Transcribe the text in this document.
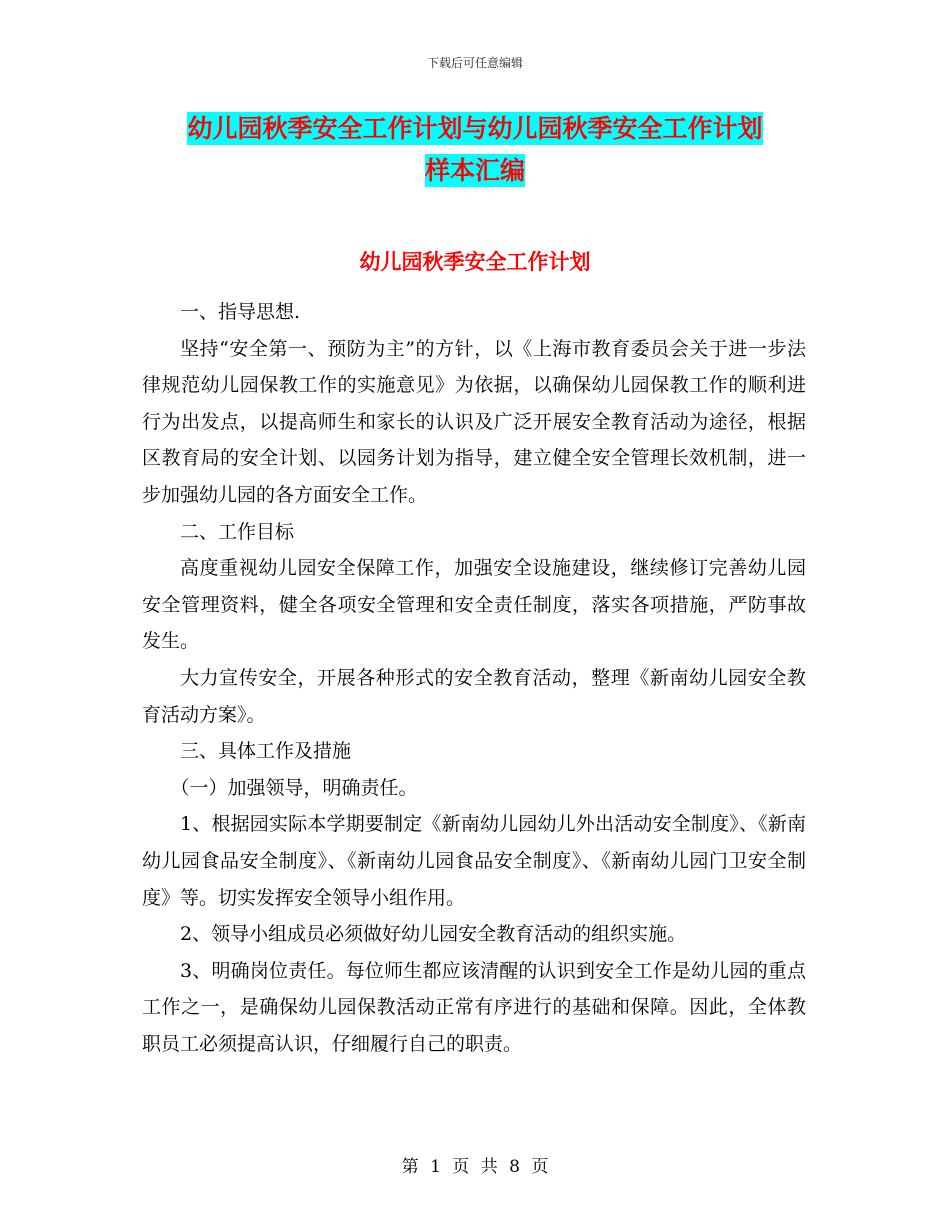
下载后可任意编辑
幼儿园秋季安全工作计划与幼儿园秋季安全工作计划
样本汇编
幼儿园秋季安全工作计划

一、指导思想.

坚持“安全第一、预防为主”的方针，以《上海市教育委员会关于进一步法律规范幼儿园保教工作的实施意见》为依据，以确保幼儿园保教工作的顺利进行为出发点，以提高师生和家长的认识及广泛开展安全教育活动为途径，根据区教育局的安全计划、以园务计划为指导，建立健全安全管理长效机制，进一步加强幼儿园的各方面安全工作。

二、工作目标

高度重视幼儿园安全保障工作，加强安全设施建设，继续修订完善幼儿园安全管理资料，健全各项安全管理和安全责任制度，落实各项措施，严防事故发生。

大力宣传安全，开展各种形式的安全教育活动，整理《新南幼儿园安全教育活动方案》。

三、具体工作及措施

（一）加强领导，明确责任。

1、根据园实际本学期要制定《新南幼儿园幼儿外出活动安全制度》、《新南幼儿园食品安全制度》、《新南幼儿园食品安全制度》、《新南幼儿园门卫安全制度》等。切实发挥安全领导小组作用。

2、领导小组成员必须做好幼儿园安全教育活动的组织实施。

3、明确岗位责任。每位师生都应该清醒的认识到安全工作是幼儿园的重点工作之一，是确保幼儿园保教活动正常有序进行的基础和保障。因此，全体教职员工必须提高认识，仔细履行自己的职责。

第 1 页 共 8 页
